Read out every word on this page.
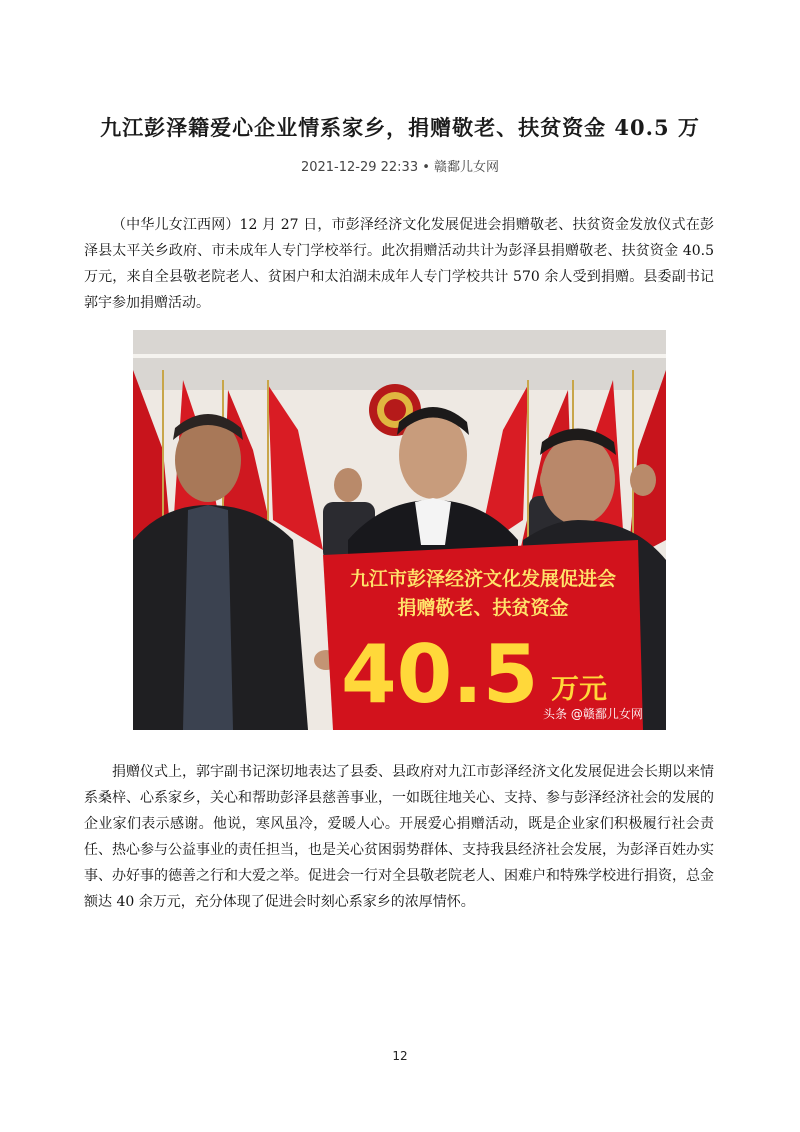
九江彭泽籍爱心企业情系家乡，捐赠敬老、扶贫资金 40.5 万
2021-12-29 22:33 • 赣鄱儿女网

（中华儿女江西网）12 月 27 日，市彭泽经济文化发展促进会捐赠敬老、扶贫资金发放仪式在彭泽县太平关乡政府、市未成年人专门学校举行。此次捐赠活动共计为彭泽县捐赠敬老、扶贫资金 40.5 万元，来自全县敬老院老人、贫困户和太泊湖未成年人专门学校共计 570 余人受到捐赠。县委副书记郭宇参加捐赠活动。

九江市彭泽经济文化发展促进会
捐赠敬老、扶贫资金
40.5 万元
头条 @赣鄱儿女网

捐赠仪式上，郭宇副书记深切地表达了县委、县政府对九江市彭泽经济文化发展促进会长期以来情系桑梓、心系家乡，关心和帮助彭泽县慈善事业，一如既往地关心、支持、参与彭泽经济社会的发展的企业家们表示感谢。他说，寒风虽冷，爱暖人心。开展爱心捐赠活动，既是企业家们积极履行社会责任、热心参与公益事业的责任担当，也是关心贫困弱势群体、支持我县经济社会发展，为彭泽百姓办实事、办好事的德善之行和大爱之举。促进会一行对全县敬老院老人、困难户和特殊学校进行捐资，总金额达 40 余万元，充分体现了促进会时刻心系家乡的浓厚情怀。

12
